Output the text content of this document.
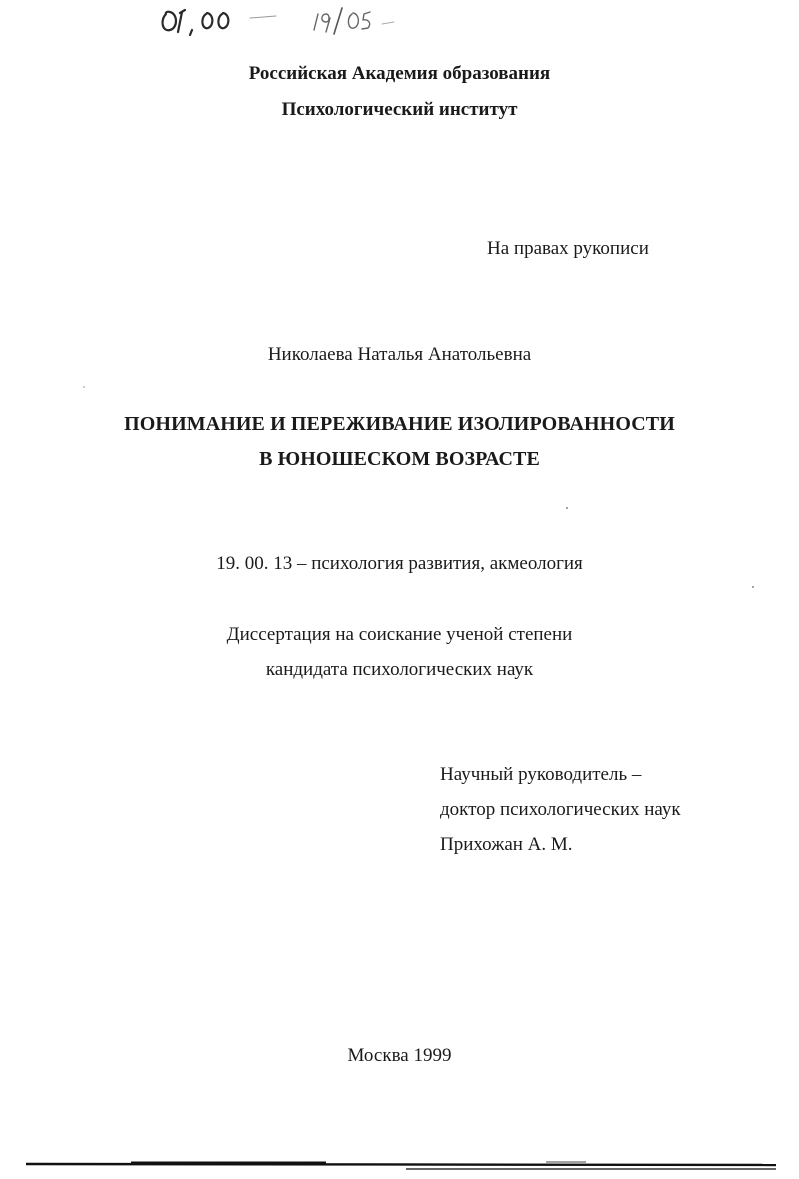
Российская Академия образования
Психологический институт
На правах рукописи
Николаева Наталья Анатольевна
ПОНИМАНИЕ И ПЕРЕЖИВАНИЕ ИЗОЛИРОВАННОСТИ
В ЮНОШЕСКОМ ВОЗРАСТЕ
19. 00. 13 – психология развития, акмеология
Диссертация на соискание ученой степени
кандидата психологических наук
Научный руководитель –
доктор психологических наук
Прихожан А. М.
Москва 1999
